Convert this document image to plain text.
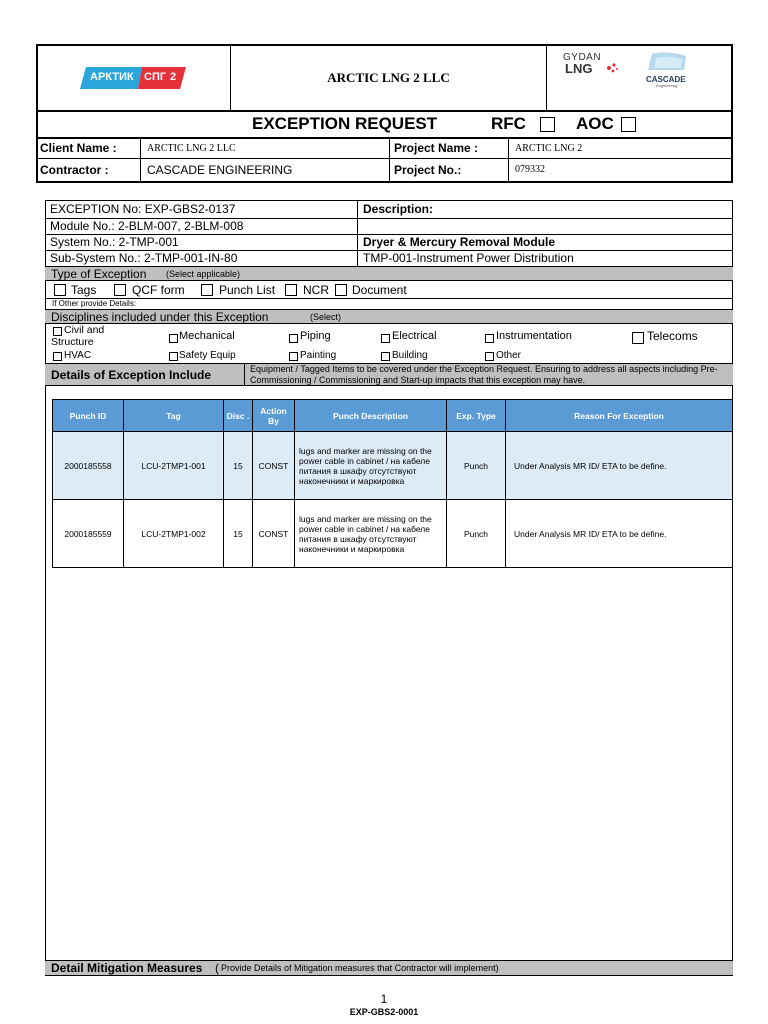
АРКТИК СПГ 2	ARCTIC LNG 2 LLC
GYDAN
LNG
CASCADE
Engineering
EXCEPTION REQUEST	RFC	AOC
Client Name :	ARCTIC LNG 2 LLC	Project Name :	ARCTIC LNG 2
Contractor :	CASCADE ENGINEERING	Project No.:	079332
EXCEPTION No: EXP-GBS2-0137
Module No.: 2-BLM-007, 2-BLM-008
System No.: 2-TMP-001
Sub-System No.: 2-TMP-001-IN-80
Description:
Dryer & Mercury Removal Module
TMP-001-Instrument Power Distribution
Type of Exception (Select applicable)
Tags	QCF form	Punch List NCR Document
If Other provide Details:
Disciplines included under this Exception	(Select)
Civil and
Structure	Mechanical	Piping	Electrical	Instrumentation	Telecoms
HVAC	Safety Equip	Painting	Building	Other
Details of Exception Include	Equipment / Tagged Items to be covered under the Exception Request. Ensuring to address all aspects including Pre-Commissioning / Commissioning and Start-up impacts that this exception may have.
Punch ID	Tag	Disc .	Action By	Punch Description	Exp. Type	Reason For Exception
2000185558	LCU-2TMP1-001	15	CONST	lugs and marker are missing on the power cable in cabinet / на кабеле питания в шкафу отсутствуют наконечники и маркировка	Punch	Under Analysis MR ID/ ETA to be define.
2000185559	LCU-2TMP1-002	15	CONST	lugs and marker are missing on the power cable in cabinet / на кабеле питания в шкафу отсутствуют наконечники и маркировка	Punch	Under Analysis MR ID/ ETA to be define.
Detail Mitigation Measures ( Provide Details of Mitigation measures that Contractor will implement)
1
EXP-GBS2-0001
